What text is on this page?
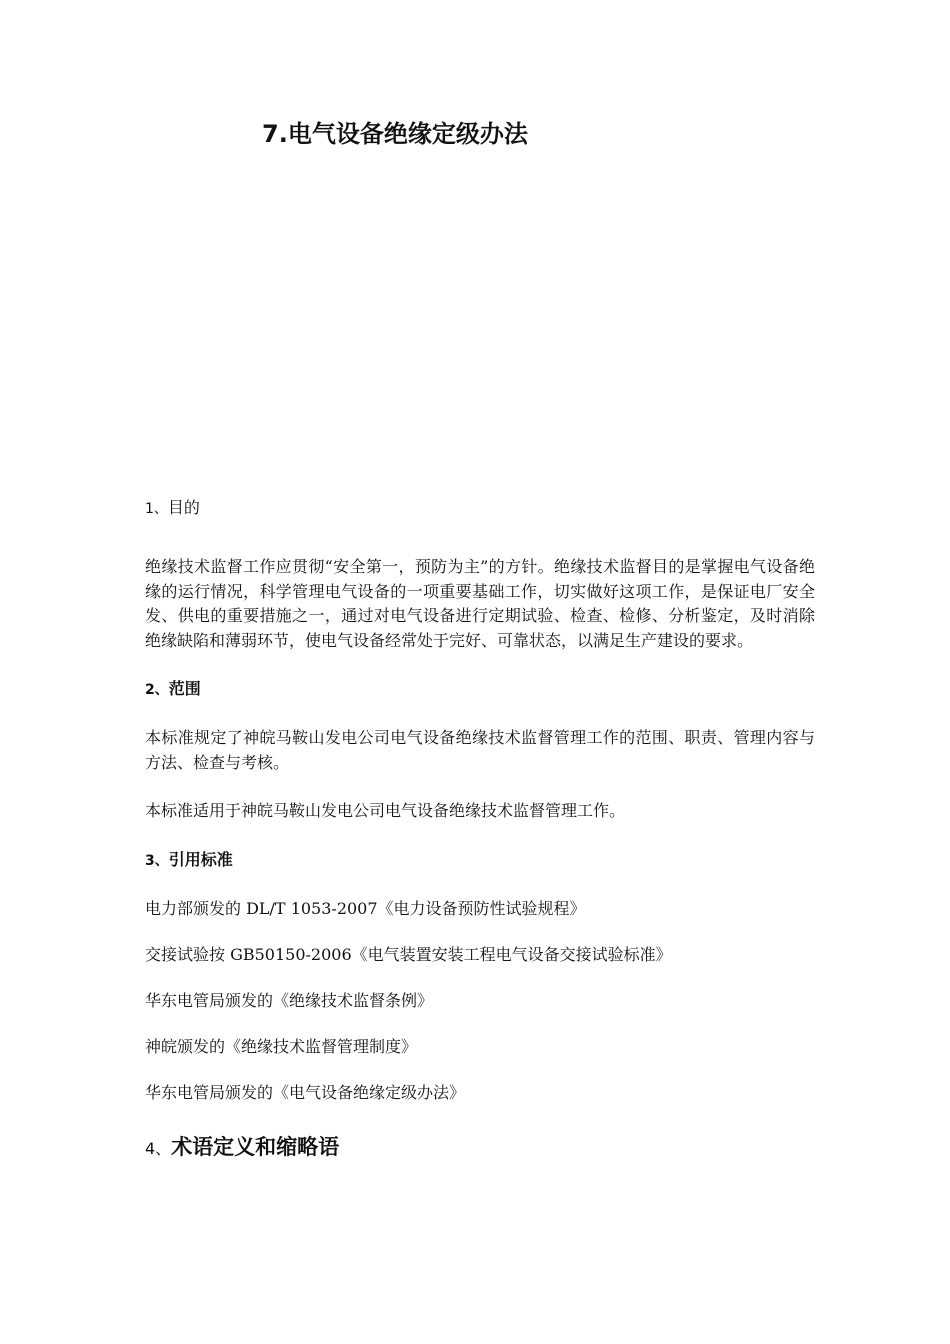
7.电气设备绝缘定级办法
1、目的

绝缘技术监督工作应贯彻“安全第一，预防为主”的方针。绝缘技术监督目的是掌握电气设备绝缘的运行情况，科学管理电气设备的一项重要基础工作，切实做好这项工作，是保证电厂安全发、供电的重要措施之一，通过对电气设备进行定期试验、检查、检修、分析鉴定，及时消除绝缘缺陷和薄弱环节，使电气设备经常处于完好、可靠状态，以满足生产建设的要求。

2、范围

本标准规定了神皖马鞍山发电公司电气设备绝缘技术监督管理工作的范围、职责、管理内容与方法、检查与考核。

本标准适用于神皖马鞍山发电公司电气设备绝缘技术监督管理工作。

3、引用标准
电力部颁发的 DL/T 1053-2007《电力设备预防性试验规程》
交接试验按 GB50150-2006《电气装置安装工程电气设备交接试验标准》
华东电管局颁发的《绝缘技术监督条例》
神皖颁发的《绝缘技术监督管理制度》
华东电管局颁发的《电气设备绝缘定级办法》
4、术语定义和缩略语
